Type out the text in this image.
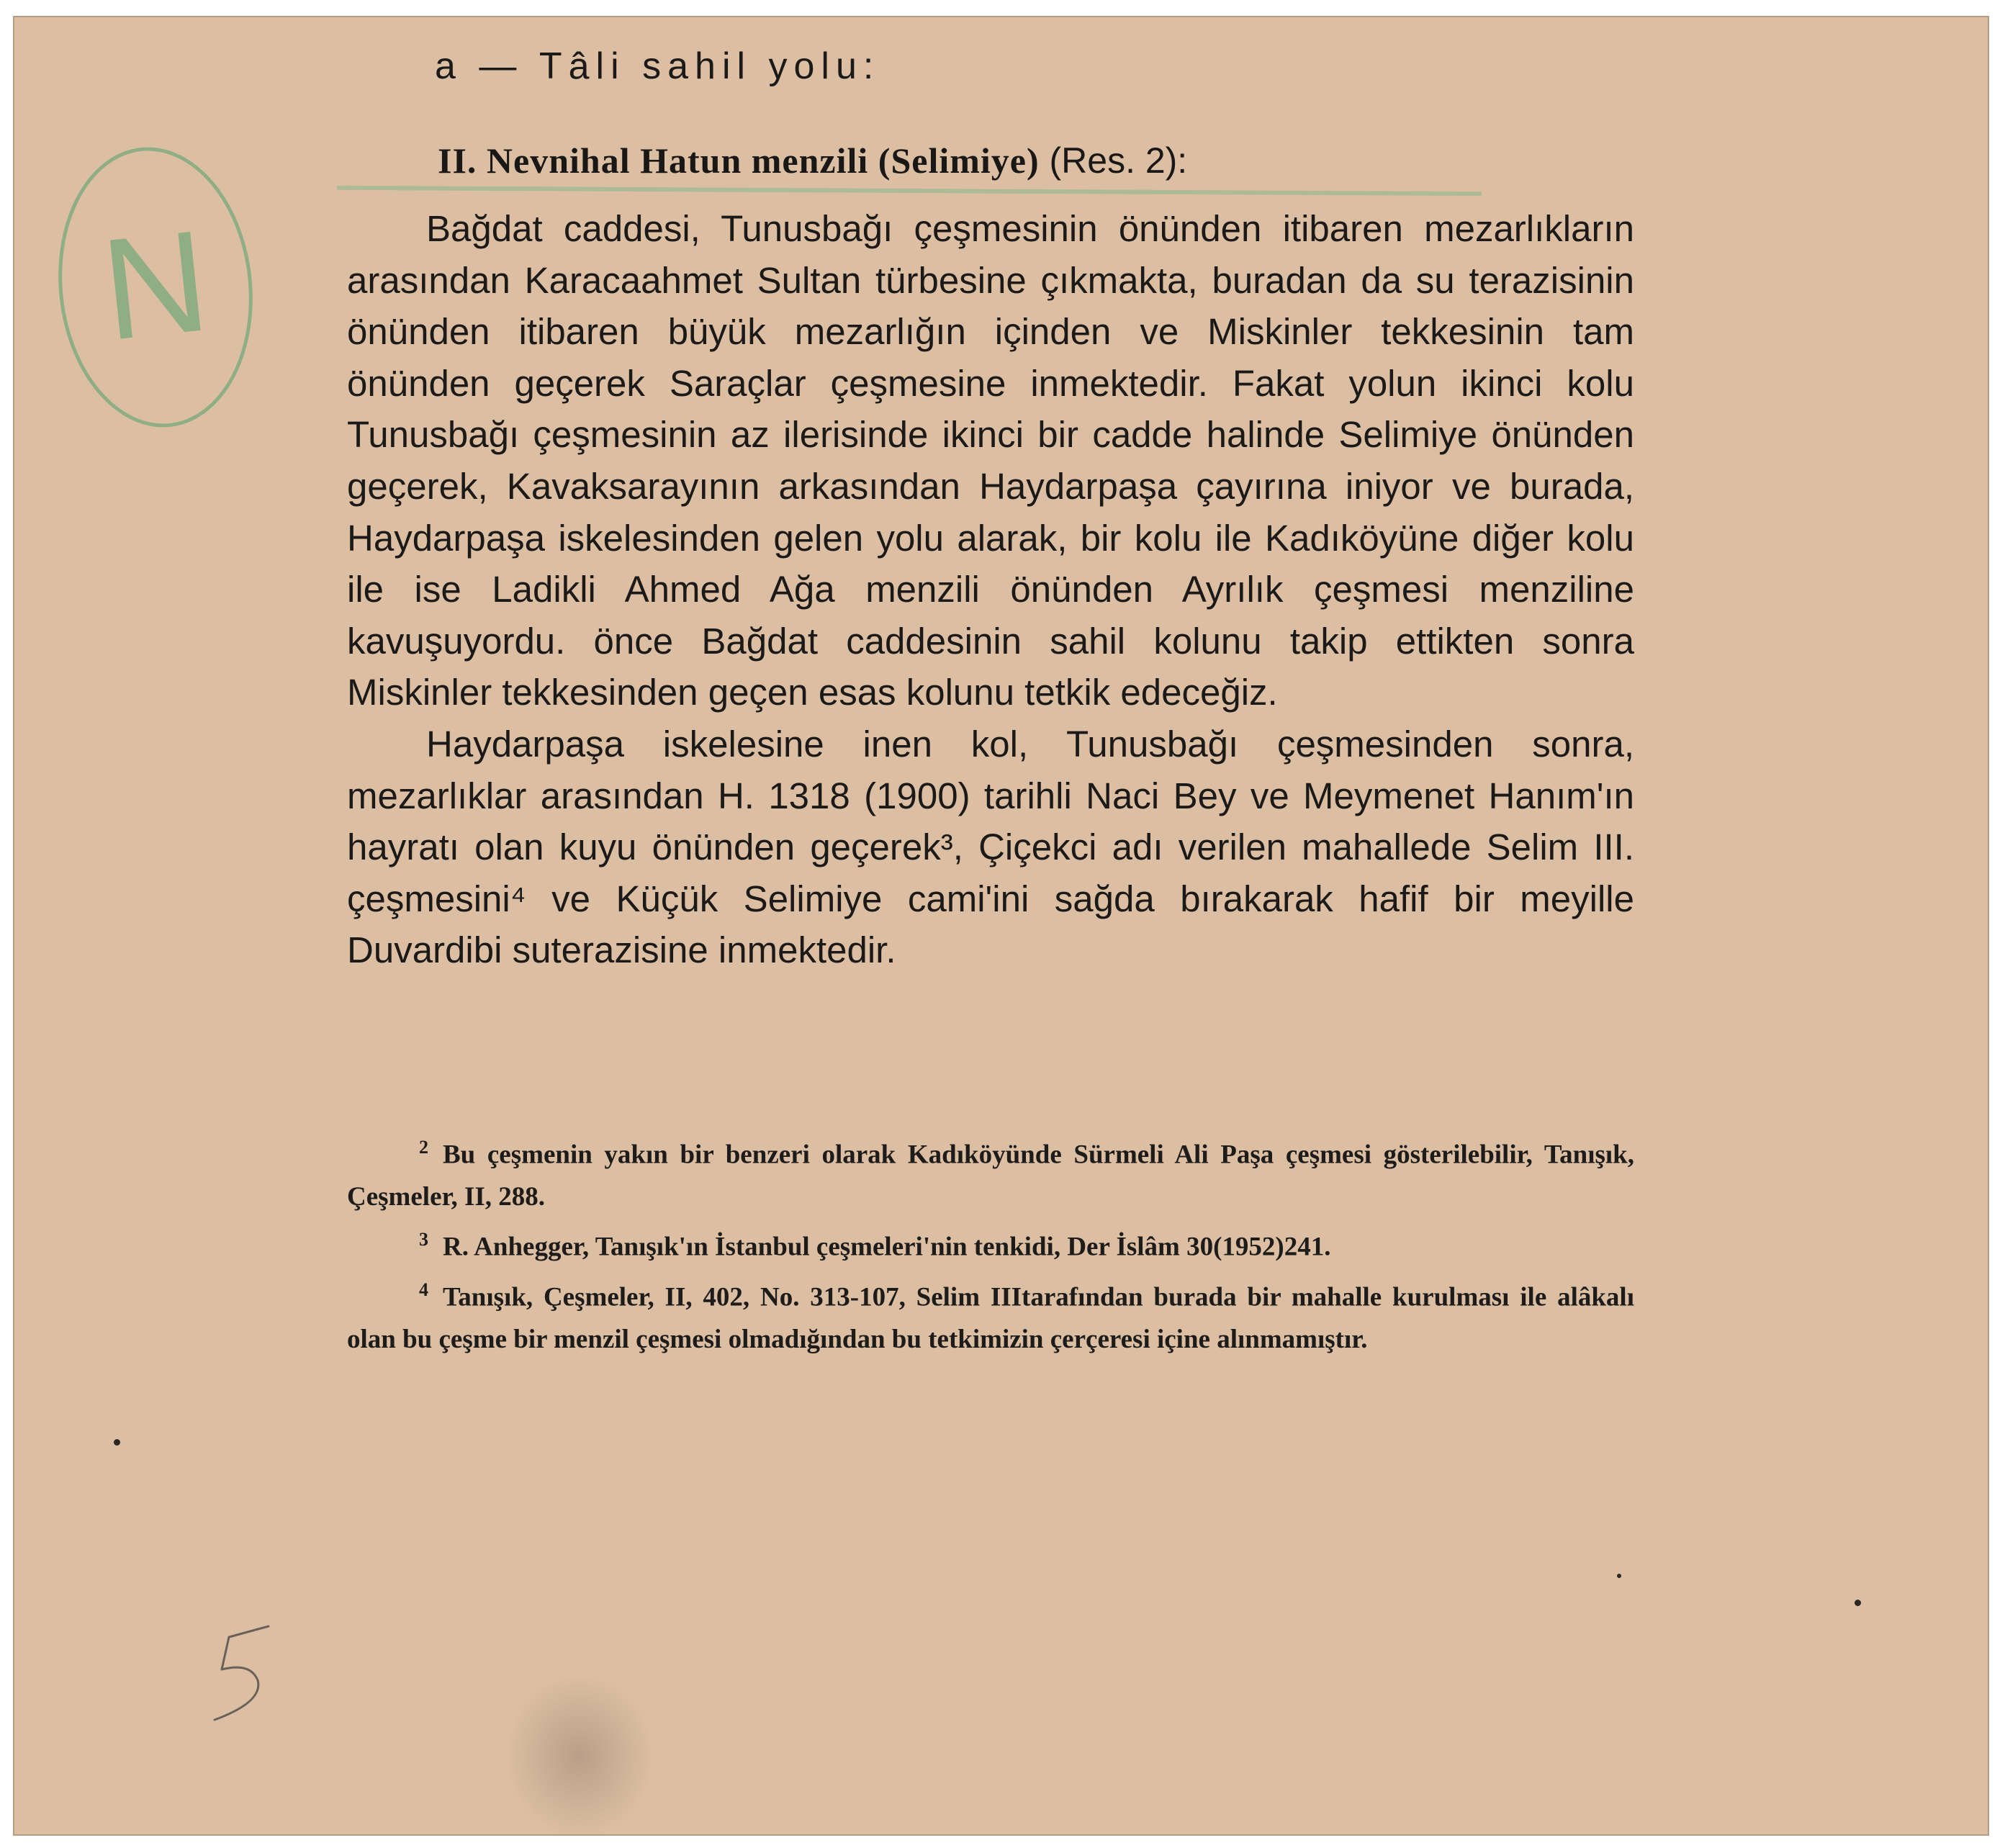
N
a — Tâli sahil yolu:
II. Nevnihal Hatun menzili (Selimiye) (Res. 2):

Bağdat caddesi, Tunusbağı çeşmesinin önünden itibaren mezarlıkların arasından Karacaahmet Sultan türbesine çıkmakta, buradan da su terazisinin önünden itibaren büyük mezarlığın içinden ve Miskinler tekkesinin tam önünden geçerek Saraçlar çeşmesine inmektedir. Fakat yolun ikinci kolu Tunusbağı çeşmesinin az ilerisinde ikinci bir cadde halinde Selimiye önünden geçerek, Kavaksarayının arkasından Haydarpaşa çayırına iniyor ve burada, Haydarpaşa iskelesinden gelen yolu alarak, bir kolu ile Kadıköyüne diğer kolu ile ise Ladikli Ahmed Ağa menzili önünden Ayrılık çeşmesi menziline kavuşuyordu. önce Bağdat caddesinin sahil kolunu takip ettikten sonra Miskinler tekkesinden geçen esas kolunu tetkik edeceğiz.

Haydarpaşa iskelesine inen kol, Tunusbağı çeşmesinden sonra, mezarlıklar arasından H. 1318 (1900) tarihli Naci Bey ve Meymenet Hanım'ın hayratı olan kuyu önünden geçerek³, Çiçekci adı verilen mahallede Selim III. çeşmesini⁴ ve Küçük Selimiye cami'ini sağda bırakarak hafif bir meyille Duvardibi suterazisine inmektedir.

$^2$ Bu çeşmenin yakın bir benzeri olarak Kadıköyünde Sürmeli Ali Paşa çeşmesi gösterilebilir, Tanışık, Çeşmeler, II, 288.

$^3$ R. Anhegger, Tanışık'ın İstanbul çeşmeleri'nin tenkidi, Der İslâm 30(1952)241.

$^4$ Tanışık, Çeşmeler, II, 402, No. 313-107, Selim IIItarafından burada bir mahalle kurulması ile alâkalı olan bu çeşme bir menzil çeşmesi olmadığından bu tetkimizin çerçeresi içine alınmamıştır.
